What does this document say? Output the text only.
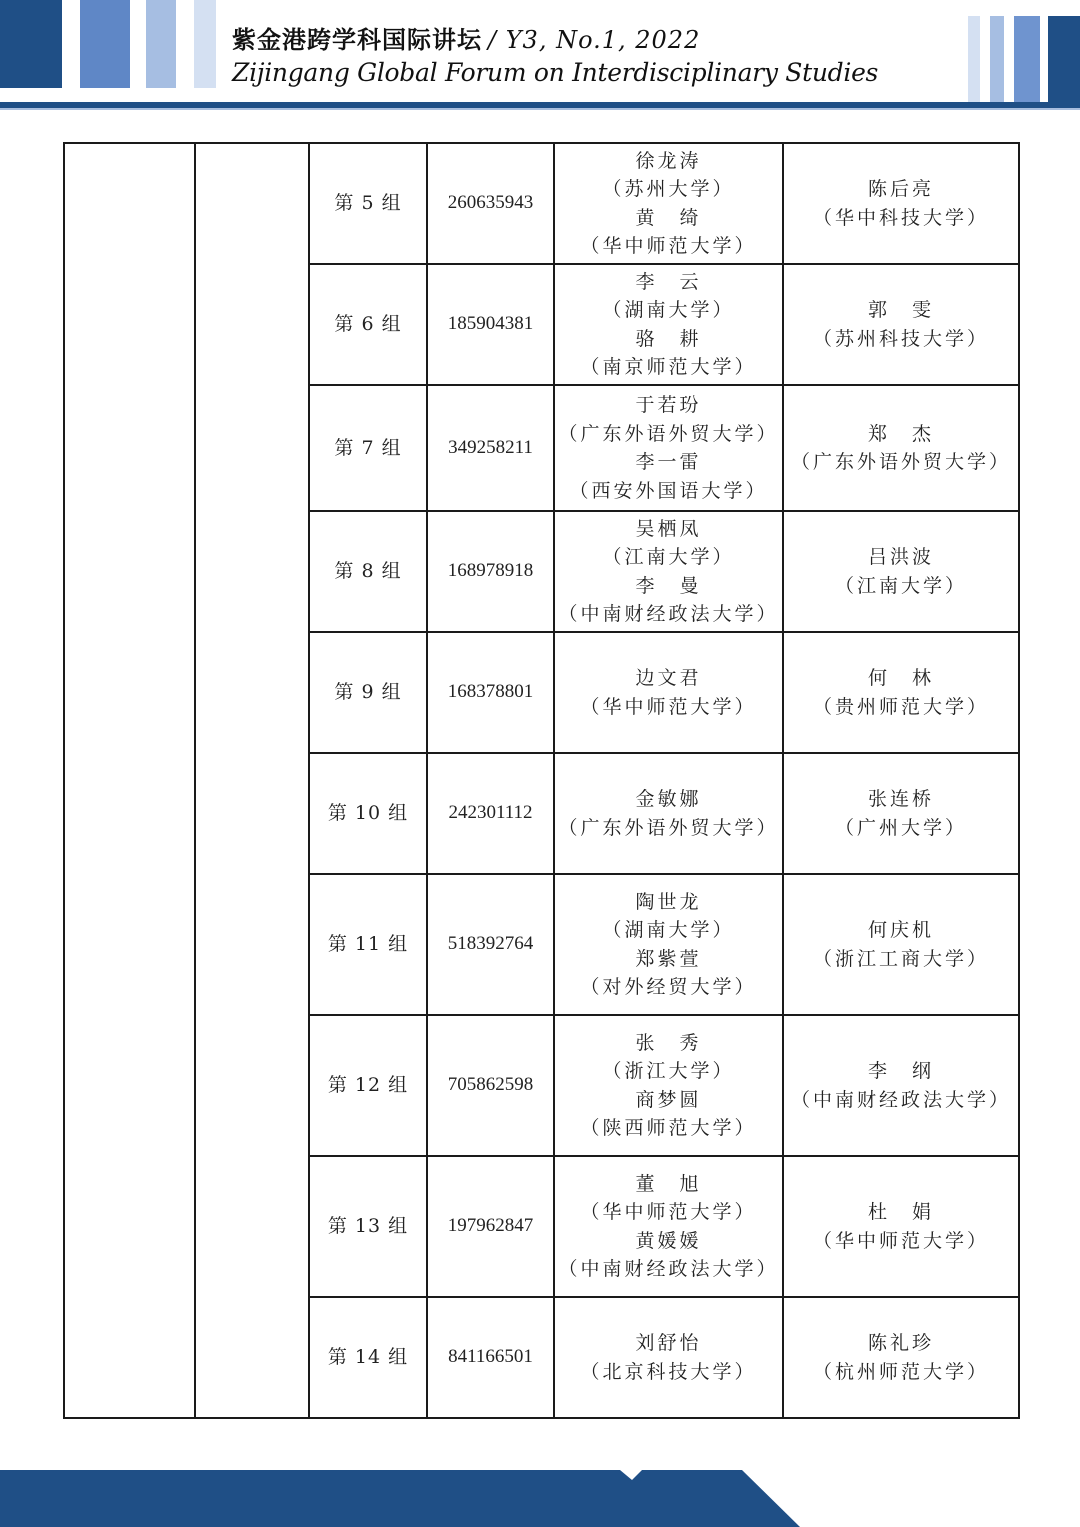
紫金港跨学科国际讲坛 / Y3, No.1, 2022
Zijingang Global Forum on Interdisciplinary Studies
		第 5 组	260635943	徐龙涛
（苏州大学）
黄　绮
（华中师范大学）	陈后亮
（华中科技大学）

		第 6 组	185904381	李　云
（湖南大学）
骆　耕
（南京师范大学）	郭　雯
（苏州科技大学）

		第 7 组	349258211	于若玢
（广东外语外贸大学）
李一雷
（西安外国语大学）	郑　杰
（广东外语外贸大学）

		第 8 组	168978918	吴栖凤
（江南大学）
李　曼
（中南财经政法大学）	吕洪波
（江南大学）

		第 9 组	168378801	边文君
（华中师范大学）	何　林
（贵州师范大学）

		第 10 组	242301112	金敏娜
（广东外语外贸大学）	张连桥
（广州大学）

		第 11 组	518392764	陶世龙
（湖南大学）
郑紫萱
（对外经贸大学）	何庆机
（浙江工商大学）

		第 12 组	705862598	张　秀
（浙江大学）
商梦圆
（陕西师范大学）	李　纲
（中南财经政法大学）

		第 13 组	197962847	董　旭
（华中师范大学）
黄媛媛
（中南财经政法大学）	杜　娟
（华中师范大学）

		第 14 组	841166501	刘舒怡
（北京科技大学）	陈礼珍
（杭州师范大学）
